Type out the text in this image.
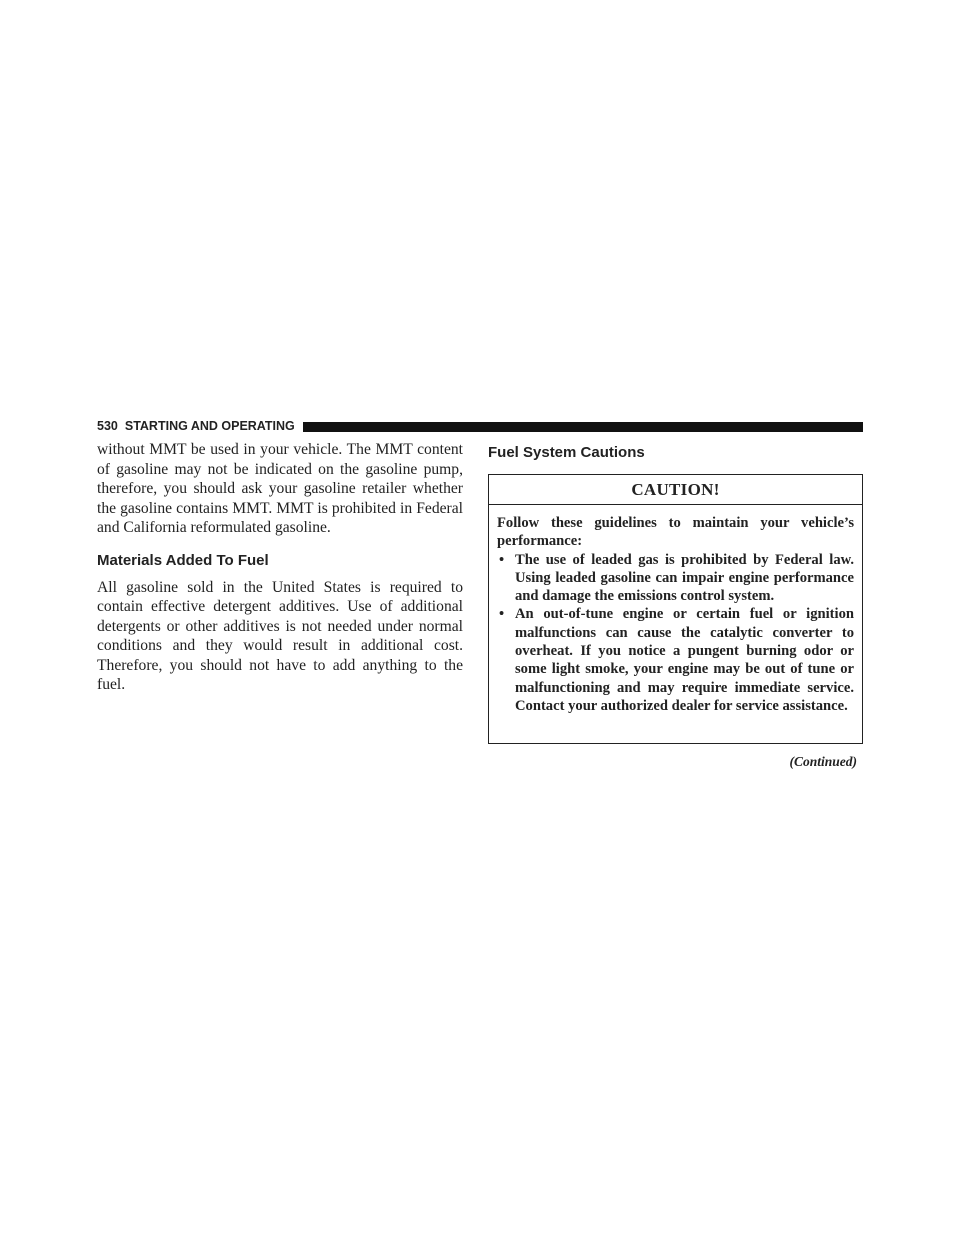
530 STARTING AND OPERATING

without MMT be used in your vehicle. The MMT content of gasoline may not be indicated on the gasoline pump, therefore, you should ask your gasoline retailer whether the gasoline contains MMT. MMT is prohibited in Federal and California reformulated gasoline.

Materials Added To Fuel

All gasoline sold in the United States is required to contain effective detergent additives. Use of additional detergents or other additives is not needed under normal conditions and they would result in additional cost. Therefore, you should not have to add anything to the fuel.

Fuel System Cautions
CAUTION!

Follow these guidelines to maintain your vehicle’s performance:

• The use of leaded gas is prohibited by Federal law. Using leaded gasoline can impair engine performance and damage the emissions control system.
• An out-of-tune engine or certain fuel or ignition malfunctions can cause the catalytic converter to overheat. If you notice a pungent burning odor or some light smoke, your engine may be out of tune or malfunctioning and may require immediate service. Contact your authorized dealer for service assistance.
(Continued)
